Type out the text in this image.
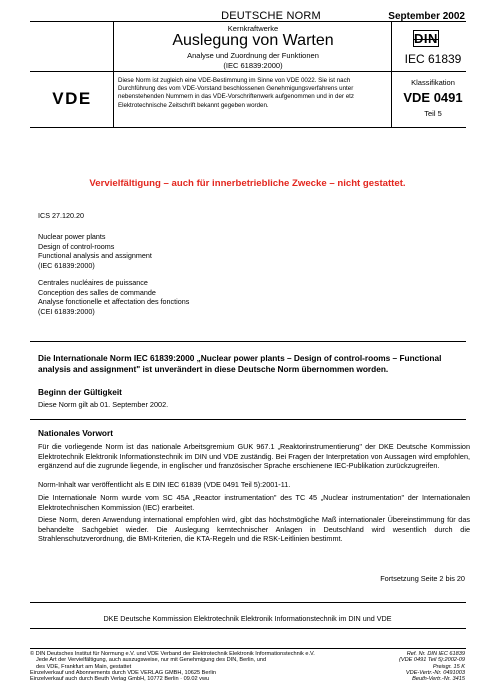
DEUTSCHE NORM	September 2002
Kernkraftwerke
Auslegung von Warten
Analyse und Zuordnung der Funktionen
(IEC 61839:2000)
DIN
IEC 61839
VDE

Diese Norm ist zugleich eine VDE-Bestimmung im Sinne von VDE 0022. Sie ist nach

Durchführung des vom VDE-Vorstand beschlossenen Genehmigungsverfahrens unter

nebenstehenden Nummern in das VDE-Vorschriftenwerk aufgenommen und in der etz

Elektrotechnische Zeitschrift bekannt gegeben worden.

Klassifikation
VDE 0491
Teil 5
Vervielfältigung – auch für innerbetriebliche Zwecke – nicht gestattet.
ICS 27.120.20

Nuclear power plants

Design of control-rooms

Functional analysis and assignment

(IEC 61839:2000)

Centrales nucléaires de puissance

Conception des salles de commande

Analyse fonctionelle et affectation des fonctions

(CEI 61839:2000)

Die Internationale Norm IEC 61839:2000 „Nuclear power plants – Design of control-rooms – Functional analysis and assignment" ist unverändert in diese Deutsche Norm übernommen worden.
Beginn der Gültigkeit
Diese Norm gilt ab 01. September 2002.
Nationales Vorwort
Für die vorliegende Norm ist das nationale Arbeitsgremium GUK 967.1 „Reaktorinstrumentierung" der DKE Deutsche Kommission Elektrotechnik Elektronik Informationstechnik im DIN und VDE zuständig. Bei Fragen der Interpretation von Aussagen wird empfohlen, ergänzend auf die zugrunde liegende, in englischer und französischer Sprache erschienene IEC-Publikation zurückzugreifen.
Norm-Inhalt war veröffentlicht als E DIN IEC 61839 (VDE 0491 Teil 5):2001-11.
Die Internationale Norm wurde vom SC 45A „Reactor instrumentation" des TC 45 „Nuclear instrumentation" der Internationalen Elektrotechnischen Kommission (IEC) erarbeitet.
Diese Norm, deren Anwendung international empfohlen wird, gibt das höchstmögliche Maß internationaler Übereinstimmung für das behandelte Sachgebiet wieder. Die Auslegung kerntechnischer Anlagen in Deutschland wird wesentlich durch die Strahlenschutzverordnung, die BMI-Kriterien, die KTA-Regeln und die RSK-Leitlinien bestimmt.
Fortsetzung Seite 2 bis 20
DKE Deutsche Kommission Elektrotechnik Elektronik Informationstechnik im DIN und VDE

© DIN Deutsches Institut für Normung e.V. und VDE Verband der Elektrotechnik Elektronik Informationstechnik e.V.

Jede Art der Vervielfältigung, auch auszugsweise, nur mit Genehmigung des DIN, Berlin, und

des VDE, Frankfurt am Main, gestattet

Einzelverkauf und Abonnements durch VDE VERLAG GMBH, 10625 Berlin

Einzelverkauf auch durch Beuth Verlag GmbH, 10772 Berlin · 09.02 vwu

Ref. Nr. DIN IEC 61839

(VDE 0491 Teil 5):2002-09

Preisgr. 15 K

VDE-Vertr.-Nr. 0491003

Beuth-Vertr.-Nr. 3415
